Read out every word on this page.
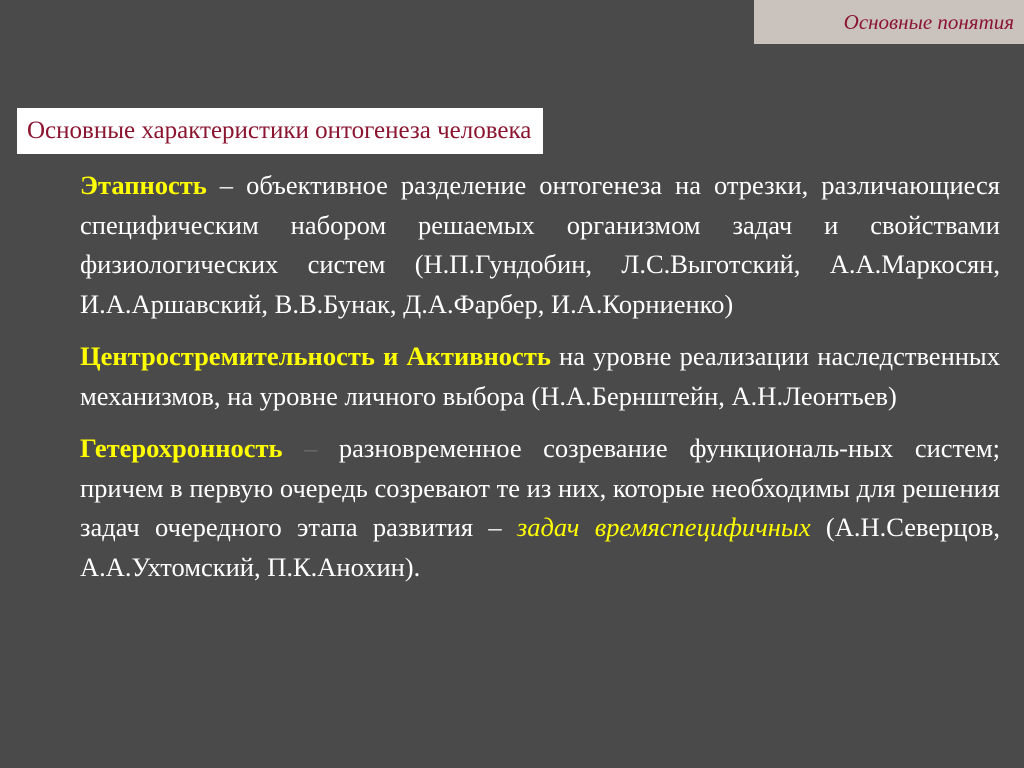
Основные понятия
Основные характеристики онтогенеза человека

Этапность – объективное разделение онтогенеза на отрезки, различающиеся специфическим набором решаемых организмом задач и свойствами физиологических систем (Н.П.Гундобин, Л.С.Выготский, А.А.Маркосян, И.А.Аршавский, В.В.Бунак, Д.А.Фарбер, И.А.Корниенко)

Центростремительность и Активность на уровне реализации наследственных механизмов, на уровне личного выбора (Н.А.Бернштейн, А.Н.Леонтьев)

Гетерохронность – разновременное созревание функциональ-ных систем; причем в первую очередь созревают те из них, которые необходимы для решения задач очередного этапа развития – задач времяспецифичных (А.Н.Северцов, А.А.Ухтомский, П.К.Анохин).
